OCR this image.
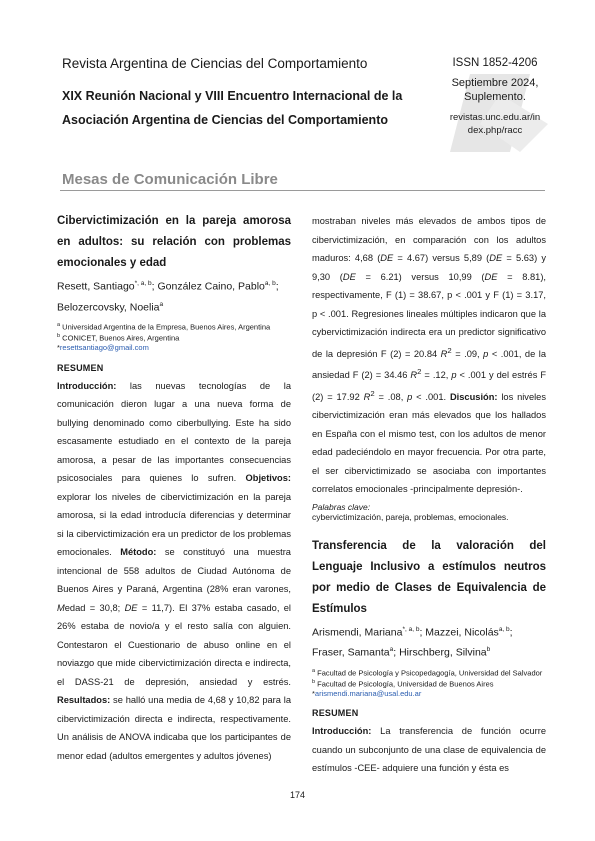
Revista Argentina de Ciencias del Comportamiento
XIX Reunión Nacional y VIII Encuentro Internacional de la Asociación Argentina de Ciencias del Comportamiento
ISSN 1852-4206
Septiembre 2024,
Suplemento.
revistas.unc.edu.ar/in
dex.php/racc
Mesas de Comunicación Libre
Cibervictimización en la pareja amorosa en adultos: su relación con problemas emocionales y edad
Resett, Santiago$^{*, a, b}$; González Caino, Pablo$^{a, b}$; Belozercovsky, Noelia$^a$
$^a$ Universidad Argentina de la Empresa, Buenos Aires, Argentina
$^b$ CONICET, Buenos Aires, Argentina
*resettsantiago@gmail.com
RESUMEN
Introducción: las nuevas tecnologías de la comunicación dieron lugar a una nueva forma de bullying denominado como ciberbullying. Este ha sido escasamente estudiado en el contexto de la pareja amorosa, a pesar de las importantes consecuencias psicosociales para quienes lo sufren. Objetivos: explorar los niveles de cibervictimización en la pareja amorosa, si la edad introducía diferencias y determinar si la cibervictimización era un predictor de los problemas emocionales. Método: se constituyó una muestra intencional de 558 adultos de Ciudad Autónoma de Buenos Aires y Paraná, Argentina (28% eran varones, Medad = 30,8; DE = 11,7). El 37% estaba casado, el 26% estaba de novio/a y el resto salía con alguien. Contestaron el Cuestionario de abuso online en el noviazgo que mide cibervictimización directa e indirecta, el DASS-21 de depresión, ansiedad y estrés. Resultados: se halló una media de 4,68 y 10,82 para la cibervictimización directa e indirecta, respectivamente. Un análisis de ANOVA indicaba que los participantes de menor edad (adultos emergentes y adultos jóvenes)
mostraban niveles más elevados de ambos tipos de cibervictimización, en comparación con los adultos maduros: 4,68 (DE = 4.67) versus 5,89 (DE = 5.63) y 9,30 (DE = 6.21) versus 10,99 (DE = 8.81), respectivamente, F (1) = 38.67, p < .001 y F (1) = 3.17, p < .001. Regresiones lineales múltiples indicaron que la cybervictimización indirecta era un predictor significativo de la depresión F (2) = 20.84 $R^2 = .09$, p < .001, de la ansiedad F (2) = 34.46 $R^2 = .12$, p < .001 y del estrés F (2) = 17.92 $R^2 = .08$, p < .001. Discusión: los niveles cibervictimización eran más elevados que los hallados en España con el mismo test, con los adultos de menor edad padeciéndolo en mayor frecuencia. Por otra parte, el ser cibervictimizado se asociaba con importantes correlatos emocionales -principalmente depresión-.
Palabras clave:
cybervictimización, pareja, problemas, emocionales.
Transferencia de la valoración del Lenguaje Inclusivo a estímulos neutros por medio de Clases de Equivalencia de Estímulos
Arismendi, Mariana$^{*, a, b}$; Mazzei, Nicolás$^{a, b}$; Fraser, Samanta$^a$; Hirschberg, Silvina$^b$
$^a$ Facultad de Psicología y Psicopedagogía, Universidad del Salvador
$^b$ Facultad de Psicología, Universidad de Buenos Aires
*arismendi.mariana@usal.edu.ar
RESUMEN
Introducción: La transferencia de función ocurre cuando un subconjunto de una clase de equivalencia de estímulos -CEE- adquiere una función y ésta es
174
